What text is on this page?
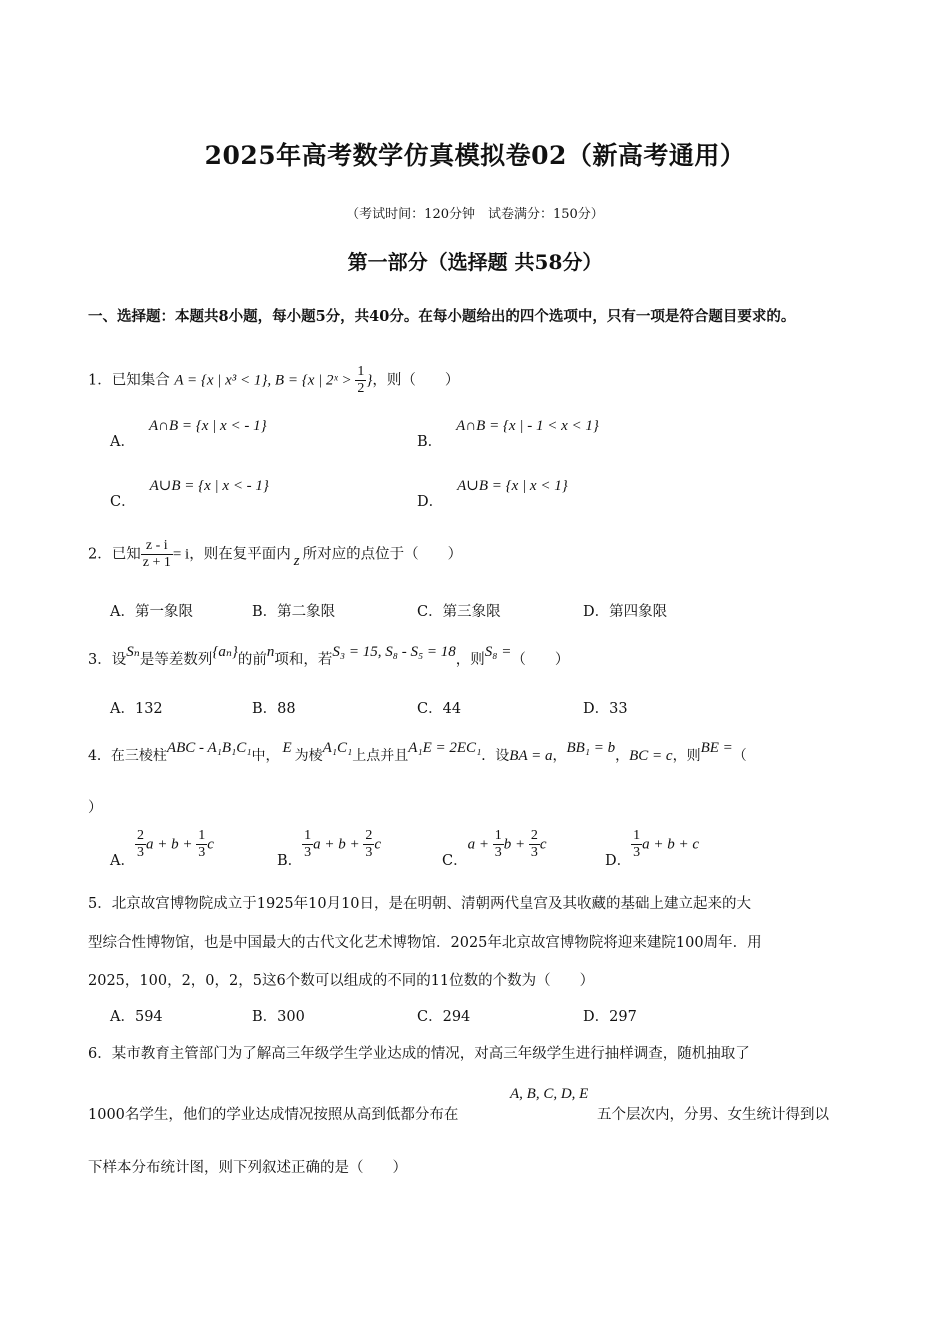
2025年高考数学仿真模拟卷02（新高考通用）
（考试时间：120分钟　试卷满分：150分）
第一部分（选择题 共58分）
一、选择题：本题共8小题，每小题5分，共40分。在每小题给出的四个选项中，只有一项是符合题目要求的。
1．已知集合 A = {x | x³ < 1}, B = {x | 2ˣ > $\frac{1}{2}$ }，则（　　）
A．A∩B = {x | x < - 1}
B．A∩B = {x | - 1 < x < 1}
C．A∪B = {x | x < - 1}
D．A∪B = {x | x < 1}
2．已知 $\frac{z - i}{z + 1} = i$，则在复平面内 z 所对应的点位于（　　）
A．第一象限	B．第二象限	C．第三象限	D．第四象限
3．设Sₙ是等差数列{aₙ}的前n项和，若S₃ = 15, S₈ - S₅ = 18，则S₈ =（　　）
A．132	B．88	C．44	D．33
4．在三棱柱ABC - A₁B₁C₁中， E 为棱A₁C₁上点并且A₁E = 2EC₁．设BA = a，BB₁ = b，BC = c，则BE =（
）
A． $\frac{2}{3}$ $a + b + \frac{1}{3}$ c
B． $\frac{1}{3}$ $a + b + \frac{2}{3}$ c
C．$a + \frac{1}{3}$ $b + \frac{2}{3}$ c
D． $\frac{1}{3}$ a + b + c
5．北京故宫博物院成立于1925年10月10日，是在明朝、清朝两代皇宫及其收藏的基础上建立起来的大
型综合性博物馆，也是中国最大的古代文化艺术博物馆．2025年北京故宫博物院将迎来建院100周年．用
2025，100，2，0，2，5这6个数可以组成的不同的11位数的个数为（　　）
A．594	B．300	C．294	D．297
6．某市教育主管部门为了解高三年级学生学业达成的情况，对高三年级学生进行抽样调查，随机抽取了
A, B, C, D, E
1000名学生，他们的学业达成情况按照从高到低都分布在	五个层次内，分男、女生统计得到以
下样本分布统计图，则下列叙述正确的是（　　）
